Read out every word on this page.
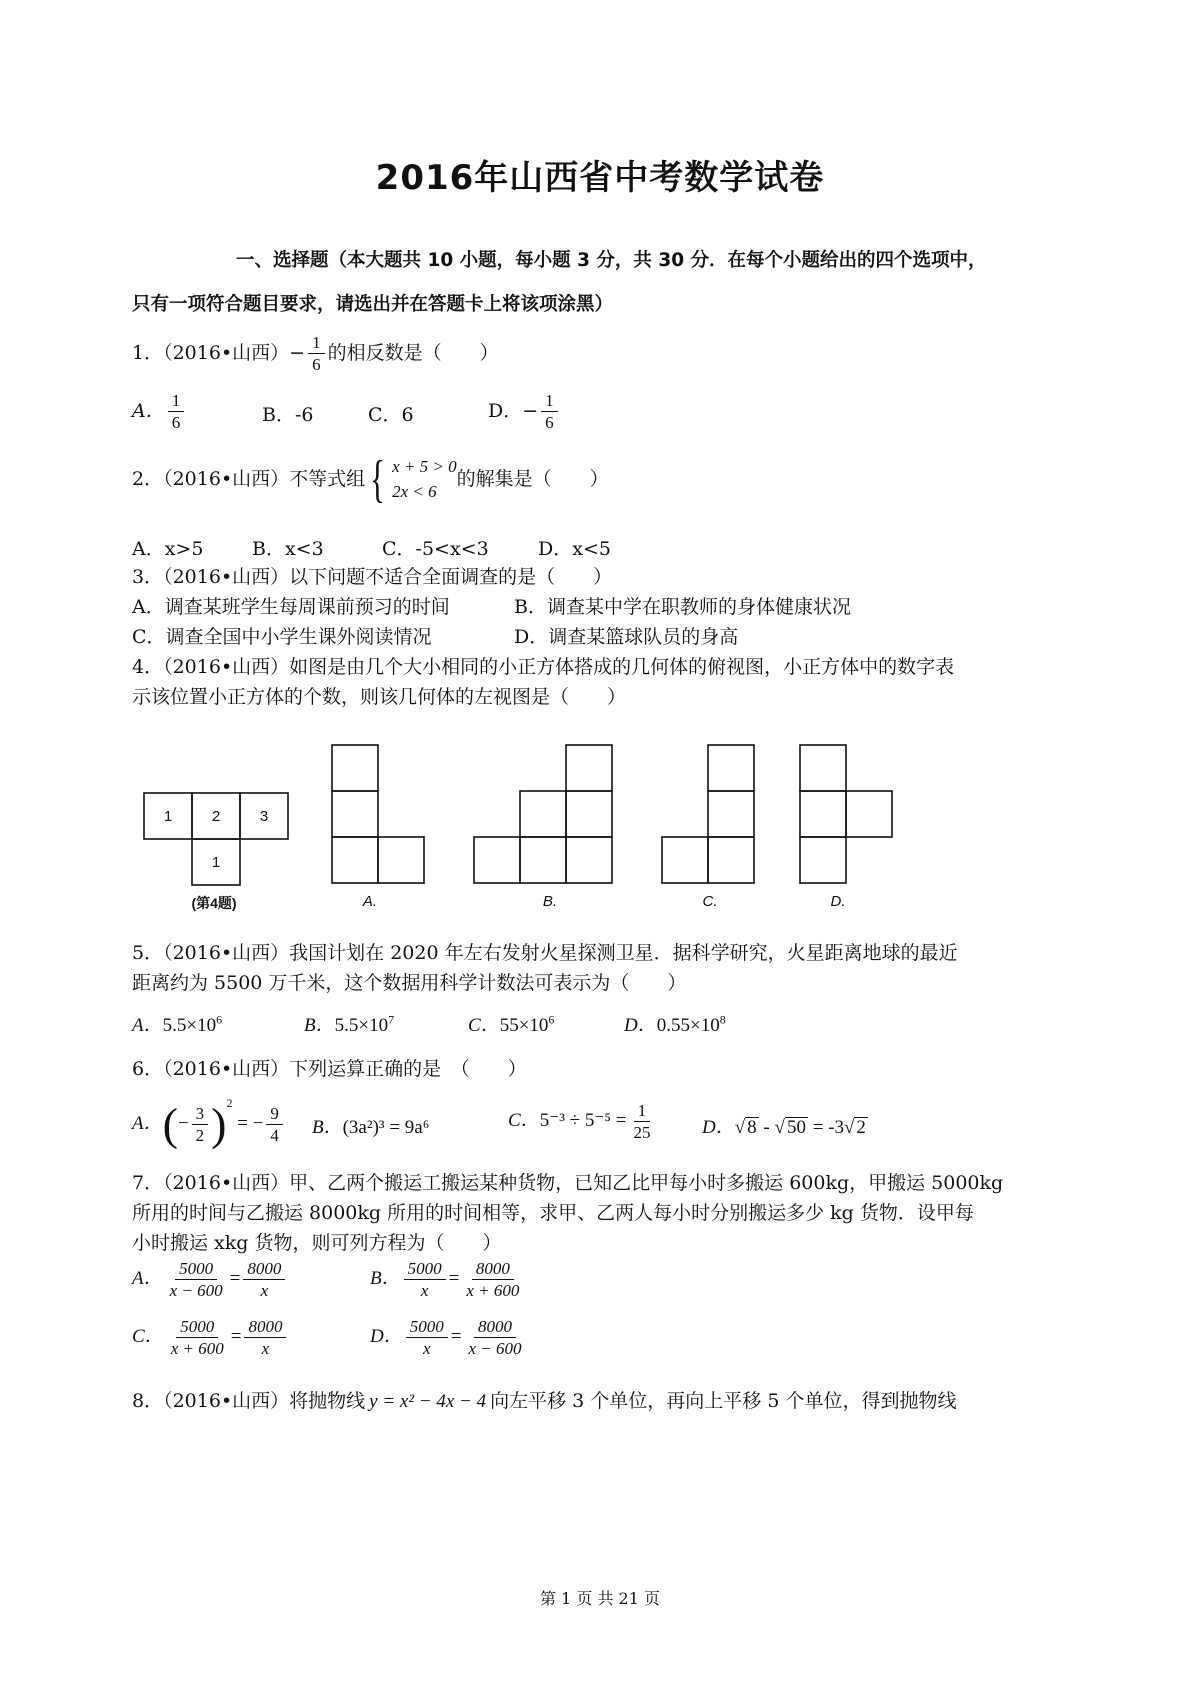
2016年山西省中考数学试卷
一、选择题（本大题共 10 小题，每小题 3 分，共 30 分．在每个小题给出的四个选项中，
只有一项符合题目要求，请选出并在答题卡上将该项涂黑）
1．（2016•山西）− $\frac{1}{6}$ 的相反数是（　　）
A． $\frac{1}{6}$	B．-6	C．6	D．− $\frac{1}{6}$
2．（2016•山西）不等式组 { x + 5 > 0
2x < 6
的解集是（　　）
A．x>5	B．x<3	C．-5<x<3	D．x<5
3．（2016•山西）以下问题不适合全面调查的是（　　）
A．调查某班学生每周课前预习的时间	B．调查某中学在职教师的身体健康状况
C．调查全国中小学生课外阅读情况	D．调查某篮球队员的身高
4．（2016•山西）如图是由几个大小相同的小正方体搭成的几何体的俯视图，小正方体中的数字表
示该位置小正方体的个数，则该几何体的左视图是（　　）
1	2	3
1
(第4题)	A.	B.	C.	D.
5．（2016•山西）我国计划在 2020 年左右发射火星探测卫星．据科学研究，火星距离地球的最近
距离约为 5500 万千米，这个数据用科学计数法可表示为（　　）
A．$5.5\times 10^6$	B．$5.5\times 10^7$	C．$55\times 10^6$	D．$0.55\times 10^8$
6．（2016•山西）下列运算正确的是　（　　）
A．(− $\frac{3}{2} )^2$ = − $\frac{9}{4}$ B．(3a²)³ = 9a⁶	C．$5^{-3} \div 5^{-5} = \frac{1}{25}$	D．√ 8 - √ 50 = -3√ 2
7．（2016•山西）甲、乙两个搬运工搬运某种货物，已知乙比甲每小时多搬运 600kg，甲搬运 5000kg
所用的时间与乙搬运 8000kg 所用的时间相等，求甲、乙两人每小时分别搬运多少 kg 货物．设甲每
小时搬运 xkg 货物，则可列方程为（　　）
A． $\frac{5000}{x - 600} = \frac{8000}{x}$	B． $\frac{5000}{x} = \frac{8000}{x + 600}$
C． $\frac{5000}{x + 600} = \frac{8000}{x}$	D． $\frac{5000}{x} = \frac{8000}{x - 600}$
8．（2016•山西）将抛物线 y = x² − 4x − 4 向左平移 3 个单位，再向上平移 5 个单位，得到抛物线
第 1 页 共 21 页
